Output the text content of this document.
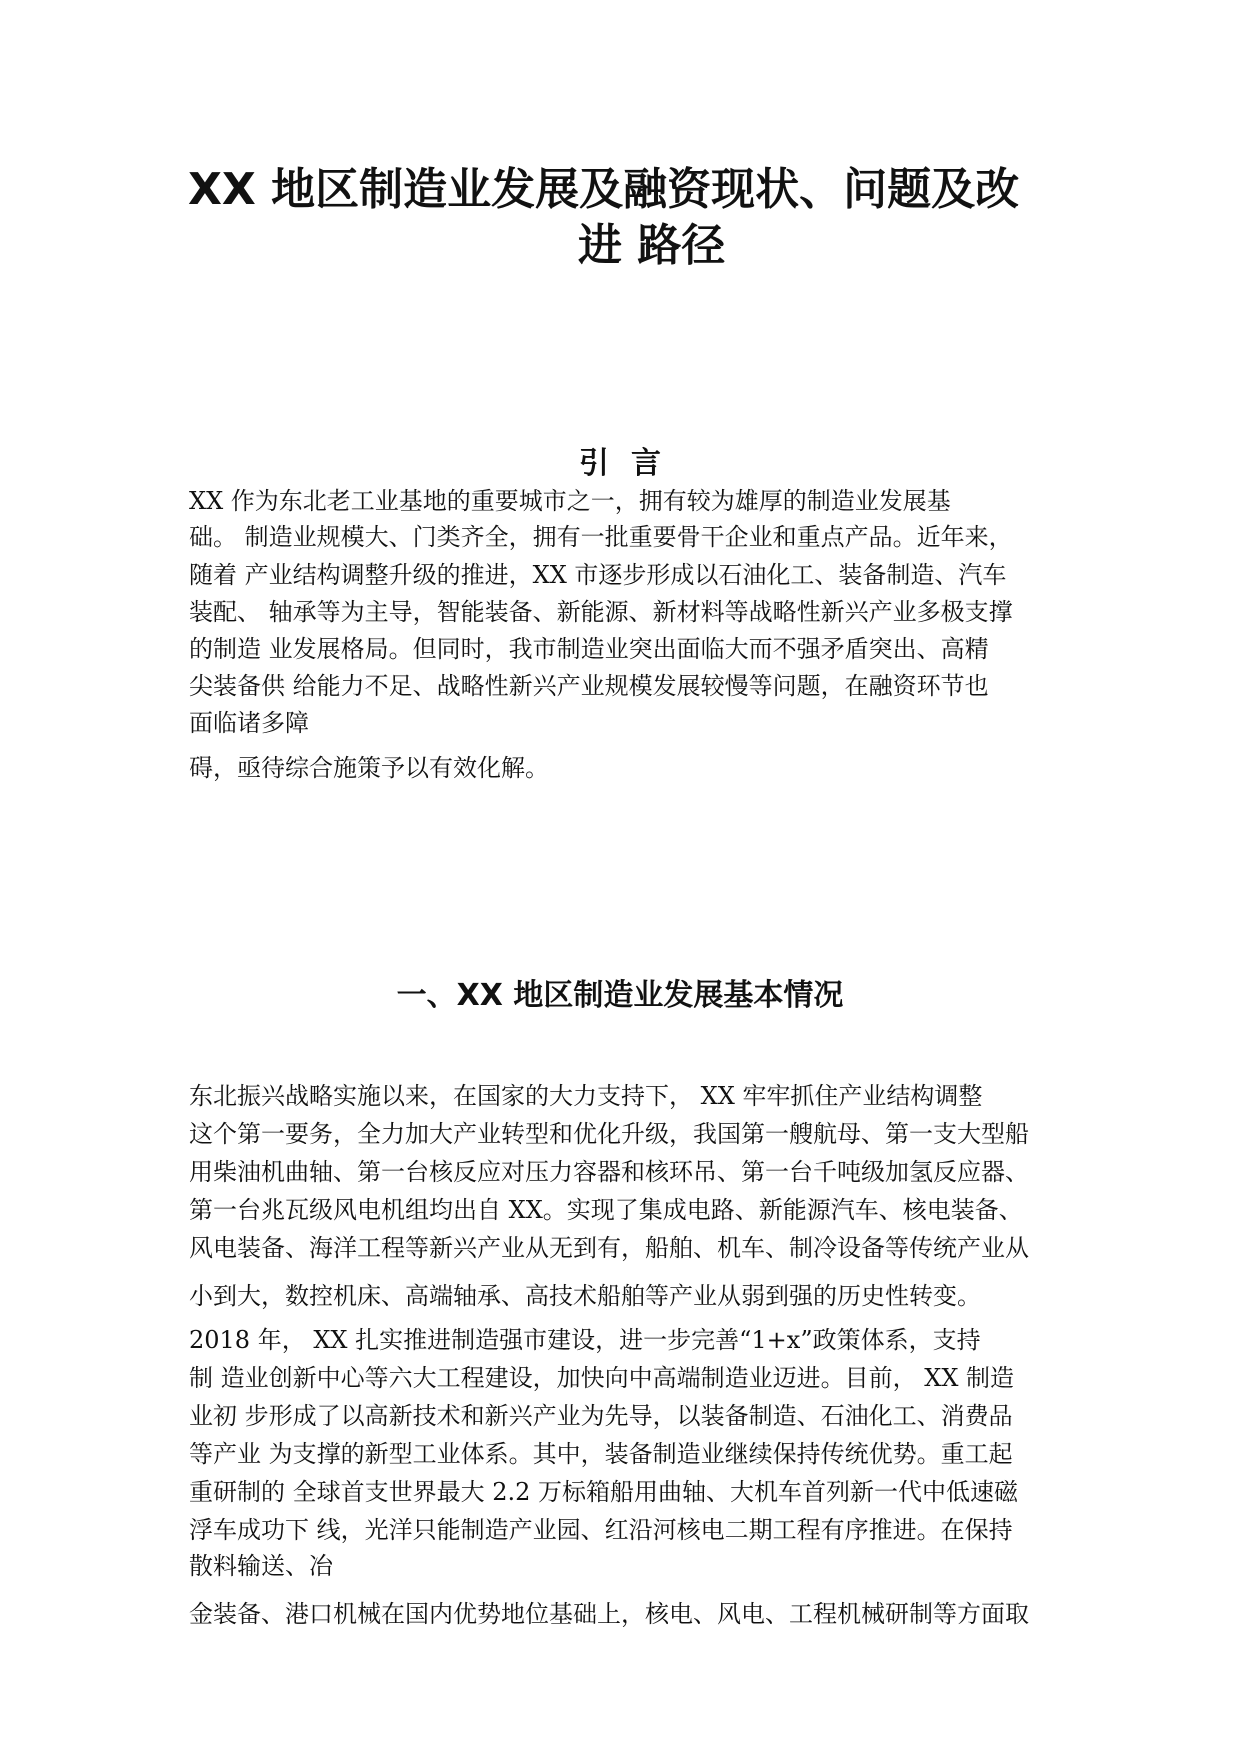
XX 地区制造业发展及融资现状、问题及改
进 路径
引言

XX 作为东北老工业基地的重要城市之一，拥有较为雄厚的制造业发展基

础。 制造业规模大、门类齐全，拥有一批重要骨干企业和重点产品。近年来，

随着 产业结构调整升级的推进，XX 市逐步形成以石油化工、装备制造、汽车

装配、 轴承等为主导，智能装备、新能源、新材料等战略性新兴产业多极支撑

的制造 业发展格局。但同时，我市制造业突出面临大而不强矛盾突出、高精

尖装备供 给能力不足、战略性新兴产业规模发展较慢等问题，在融资环节也

面临诸多障

碍，亟待综合施策予以有效化解。

一、XX 地区制造业发展基本情况

东北振兴战略实施以来，在国家的大力支持下， XX 牢牢抓住产业结构调整

这个第一要务，全力加大产业转型和优化升级，我国第一艘航母、第一支大型船

用柴油机曲轴、第一台核反应对压力容器和核环吊、第一台千吨级加氢反应器、

第一台兆瓦级风电机组均出自 XX。实现了集成电路、新能源汽车、核电装备、

风电装备、海洋工程等新兴产业从无到有，船舶、机车、制冷设备等传统产业从

小到大，数控机床、高端轴承、高技术船舶等产业从弱到强的历史性转变。

2018 年， XX 扎实推进制造强市建设，进一步完善“1+x”政策体系，支持

制 造业创新中心等六大工程建设，加快向中高端制造业迈进。目前， XX 制造

业初 步形成了以高新技术和新兴产业为先导，以装备制造、石油化工、消费品

等产业 为支撑的新型工业体系。其中，装备制造业继续保持传统优势。重工起

重研制的 全球首支世界最大 2.2 万标箱船用曲轴、大机车首列新一代中低速磁

浮车成功下 线，光洋只能制造产业园、红沿河核电二期工程有序推进。在保持

散料输送、冶

金装备、港口机械在国内优势地位基础上，核电、风电、工程机械研制等方面取
